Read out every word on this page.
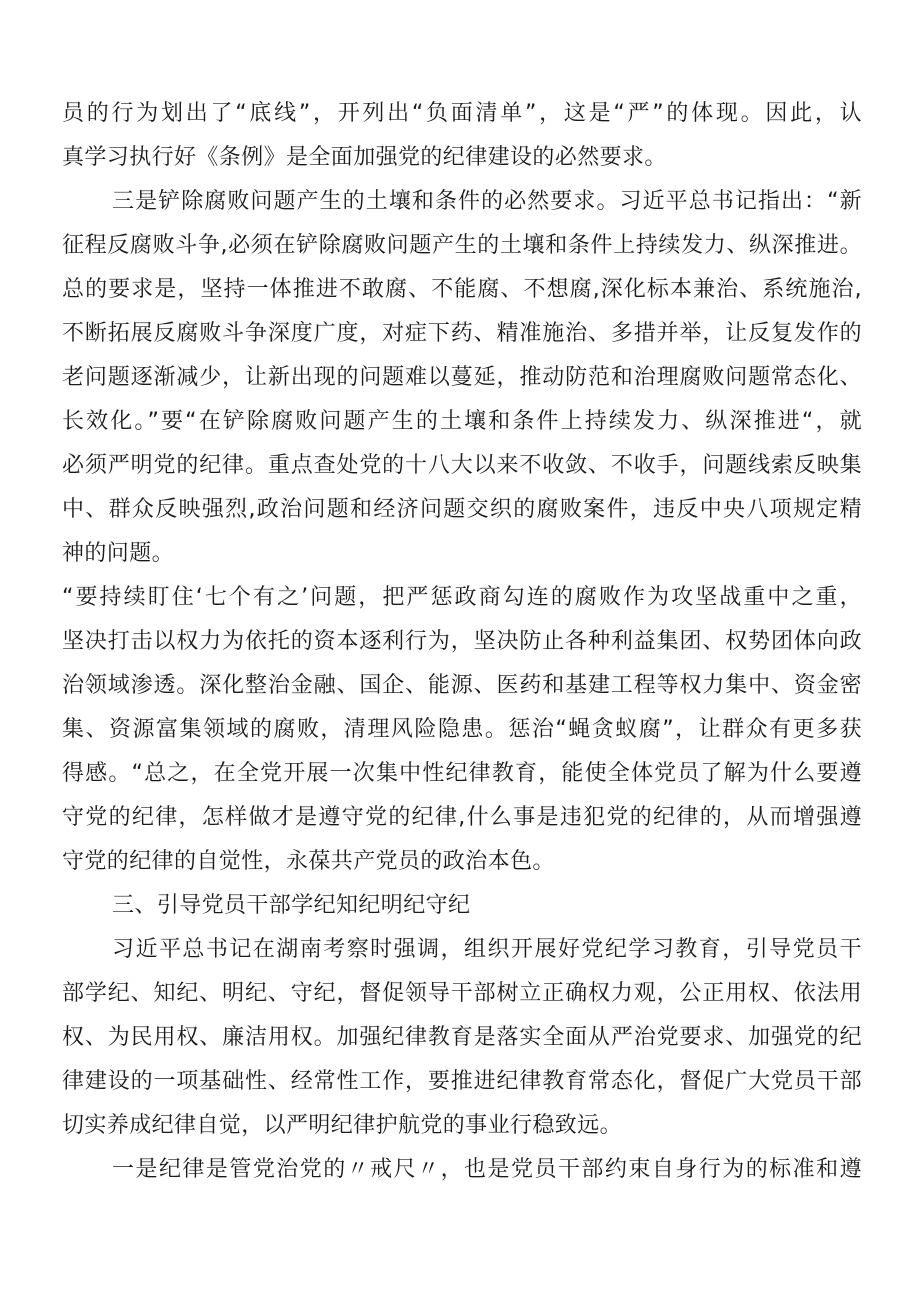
员的行为划出了“底线”，开列出“负面清单”，这是“严”的体现。因此，认
真学习执行好《条例》是全面加强党的纪律建设的必然要求。
三是铲除腐败问题产生的土壤和条件的必然要求。习近平总书记指出：“新
征程反腐败斗争,必须在铲除腐败问题产生的土壤和条件上持续发力、纵深推进。
总的要求是，坚持一体推进不敢腐、不能腐、不想腐,深化标本兼治、系统施治,
不断拓展反腐败斗争深度广度，对症下药、精准施治、多措并举，让反复发作的
老问题逐渐减少，让新出现的问题难以蔓延，推动防范和治理腐败问题常态化、
长效化。”要“在铲除腐败问题产生的土壤和条件上持续发力、纵深推进“，就
必须严明党的纪律。重点查处党的十八大以来不收敛、不收手，问题线索反映集
中、群众反映强烈,政治问题和经济问题交织的腐败案件，违反中央八项规定精
神的问题。
“要持续盯住‘七个有之’问题，把严惩政商勾连的腐败作为攻坚战重中之重，
坚决打击以权力为依托的资本逐利行为，坚决防止各种利益集团、权势团体向政
治领域渗透。深化整治金融、国企、能源、医药和基建工程等权力集中、资金密
集、资源富集领域的腐败，清理风险隐患。惩治“蝇贪蚁腐”，让群众有更多获
得感。“总之，在全党开展一次集中性纪律教育，能使全体党员了解为什么要遵
守党的纪律，怎样做才是遵守党的纪律,什么事是违犯党的纪律的，从而增强遵
守党的纪律的自觉性，永葆共产党员的政治本色。
三、引导党员干部学纪知纪明纪守纪
习近平总书记在湖南考察时强调，组织开展好党纪学习教育，引导党员干
部学纪、知纪、明纪、守纪，督促领导干部树立正确权力观，公正用权、依法用
权、为民用权、廉洁用权。加强纪律教育是落实全面从严治党要求、加强党的纪
律建设的一项基础性、经常性工作，要推进纪律教育常态化，督促广大党员干部
切实养成纪律自觉，以严明纪律护航党的事业行稳致远。
一是纪律是管党治党的〃戒尺〃，也是党员干部约束自身行为的标准和遵
